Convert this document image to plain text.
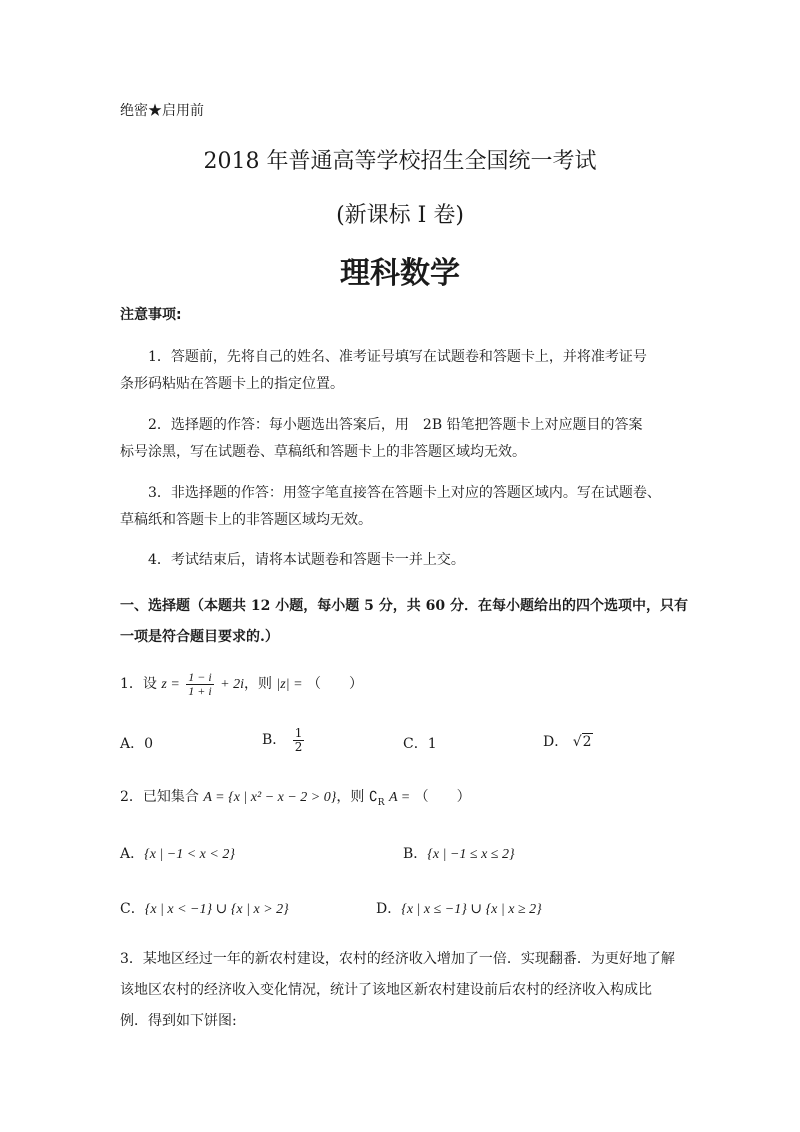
绝密★启用前
2018 年普通高等学校招生全国统一考试
(新课标 I 卷)
理科数学
注意事项:
1．答题前，先将自己的姓名、准考证号填写在试题卷和答题卡上，并将准考证号
条形码粘贴在答题卡上的指定位置。
2．选择题的作答：每小题选出答案后，用　2B 铅笔把答题卡上对应题目的答案
标号涂黑，写在试题卷、草稿纸和答题卡上的非答题区域均无效。
3．非选择题的作答：用签字笔直接答在答题卡上对应的答题区域内。写在试题卷、
草稿纸和答题卡上的非答题区域均无效。
4．考试结束后，请将本试题卷和答题卡一并上交。
一、选择题（本题共 12 小题，每小题 5 分，共 60 分．在每小题给出的四个选项中，只有
一项是符合题目要求的.）
1．设 $z = \frac{1 - i}{1 + i} + 2i$，则 |z| = （　　）
A．0	B． $\frac{1}{2}$	C．1	D． √2
2．已知集合 A = {x | x² − x − 2 > 0}，则 $∁_R$ A = （　　）
A．{x | −1 < x < 2}	B．{x | −1 ≤ x ≤ 2}
C．{x | x < −1} ∪ {x | x > 2}	D．{x | x ≤ −1} ∪ {x | x ≥ 2}
3．某地区经过一年的新农村建设，农村的经济收入增加了一倍．实现翻番．为更好地了解
该地区农村的经济收入变化情况，统计了该地区新农村建设前后农村的经济收入构成比
例．得到如下饼图:
